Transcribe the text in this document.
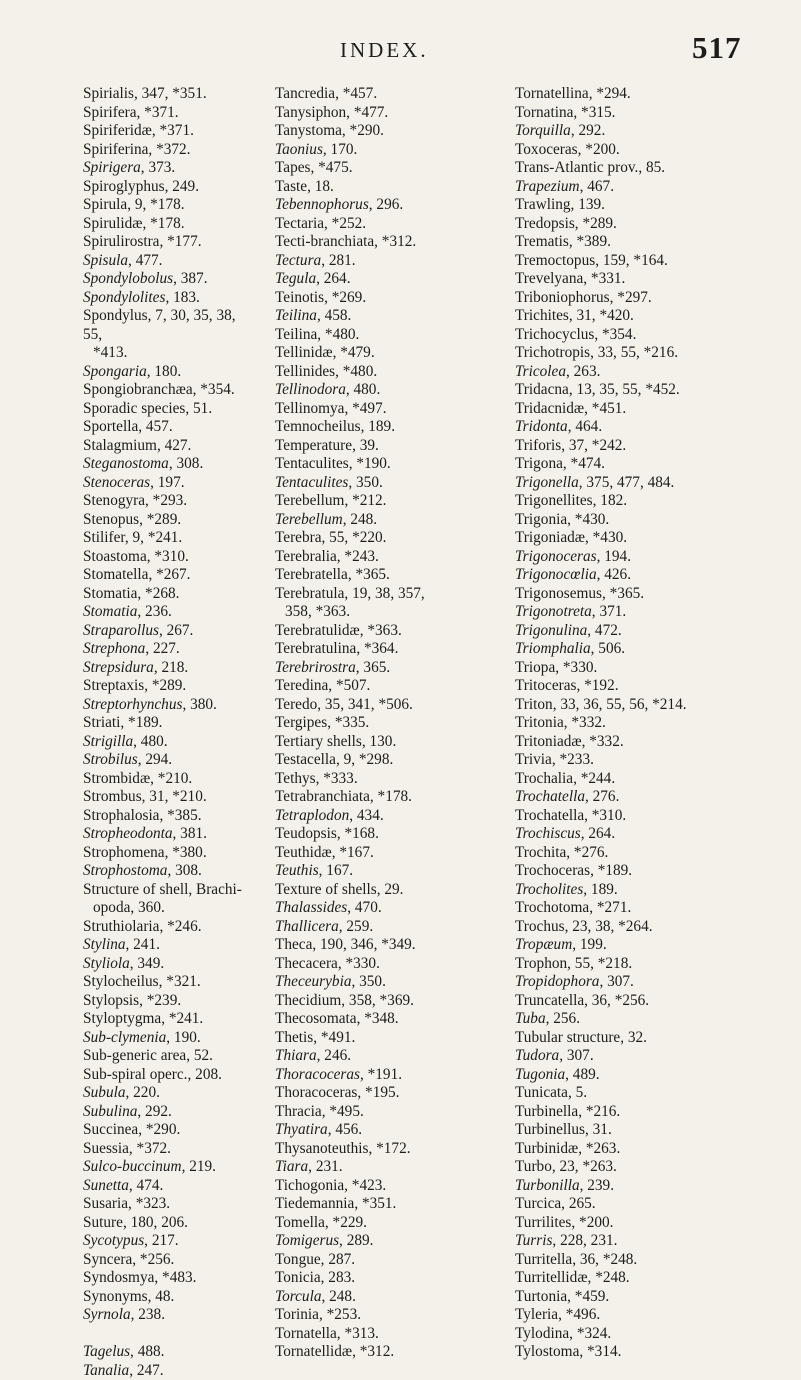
INDEX.	517
Spirialis, 347, *351.
Spirifera, *371.
Spiriferidæ, *371.
Spiriferina, *372.
Spirigera, 373.
Spiroglyphus, 249.
Spirula, 9, *178.
Spirulidæ, *178.
Spirulirostra, *177.
Spisula, 477.
Spondylobolus, 387.
Spondylolites, 183.
Spondylus, 7, 30, 35, 38, 55,
*413.
Spongaria, 180.
Spongiobranchæa, *354.
Sporadic species, 51.
Sportella, 457.
Stalagmium, 427.
Steganostoma, 308.
Stenoceras, 197.
Stenogyra, *293.
Stenopus, *289.
Stilifer, 9, *241.
Stoastoma, *310.
Stomatella, *267.
Stomatia, *268.
Stomatia, 236.
Straparollus, 267.
Strephona, 227.
Strepsidura, 218.
Streptaxis, *289.
Streptorhynchus, 380.
Striati, *189.
Strigilla, 480.
Strobilus, 294.
Strombidæ, *210.
Strombus, 31, *210.
Strophalosia, *385.
Stropheodonta, 381.
Strophomena, *380.
Strophostoma, 308.
Structure of shell, Brachi-
opoda, 360.
Struthiolaria, *246.
Stylina, 241.
Styliola, 349.
Stylocheilus, *321.
Stylopsis, *239.
Styloptygma, *241.
Sub-clymenia, 190.
Sub-generic area, 52.
Sub-spiral operc., 208.
Subula, 220.
Subulina, 292.
Succinea, *290.
Suessia, *372.
Sulco-buccinum, 219.
Sunetta, 474.
Susaria, *323.
Suture, 180, 206.
Sycotypus, 217.
Syncera, *256.
Syndosmya, *483.
Synonyms, 48.
Syrnola, 238.
Tagelus, 488.
Tanalia, 247.
Tancredia, *457.
Tanysiphon, *477.
Tanystoma, *290.
Taonius, 170.
Tapes, *475.
Taste, 18.
Tebennophorus, 296.
Tectaria, *252.
Tecti-branchiata, *312.
Tectura, 281.
Tegula, 264.
Teinotis, *269.
Teilina, 458.
Teilina, *480.
Tellinidæ, *479.
Tellinides, *480.
Tellinodora, 480.
Tellinomya, *497.
Temnocheilus, 189.
Temperature, 39.
Tentaculites, *190.
Tentaculites, 350.
Terebellum, *212.
Terebellum, 248.
Terebra, 55, *220.
Terebralia, *243.
Terebratella, *365.
Terebratula, 19, 38, 357,
358, *363.
Terebratulidæ, *363.
Terebratulina, *364.
Terebrirostra, 365.
Teredina, *507.
Teredo, 35, 341, *506.
Tergipes, *335.
Tertiary shells, 130.
Testacella, 9, *298.
Tethys, *333.
Tetrabranchiata, *178.
Tetraplodon, 434.
Teudopsis, *168.
Teuthidæ, *167.
Teuthis, 167.
Texture of shells, 29.
Thalassides, 470.
Thallicera, 259.
Theca, 190, 346, *349.
Thecacera, *330.
Theceurybia, 350.
Thecidium, 358, *369.
Thecosomata, *348.
Thetis, *491.
Thiara, 246.
Thoracoceras, *191.
Thoracoceras, *195.
Thracia, *495.
Thyatira, 456.
Thysanoteuthis, *172.
Tiara, 231.
Tichogonia, *423.
Tiedemannia, *351.
Tomella, *229.
Tomigerus, 289.
Tongue, 287.
Tonicia, 283.
Torcula, 248.
Torinia, *253.
Tornatella, *313.
Tornatellidæ, *312.
Tornatellina, *294.
Tornatina, *315.
Torquilla, 292.
Toxoceras, *200.
Trans-Atlantic prov., 85.
Trapezium, 467.
Trawling, 139.
Tredopsis, *289.
Trematis, *389.
Tremoctopus, 159, *164.
Trevelyana, *331.
Triboniophorus, *297.
Trichites, 31, *420.
Trichocyclus, *354.
Trichotropis, 33, 55, *216.
Tricolea, 263.
Tridacna, 13, 35, 55, *452.
Tridacnidæ, *451.
Tridonta, 464.
Triforis, 37, *242.
Trigona, *474.
Trigonella, 375, 477, 484.
Trigonellites, 182.
Trigonia, *430.
Trigoniadæ, *430.
Trigonoceras, 194.
Trigonocœlia, 426.
Trigonosemus, *365.
Trigonotreta, 371.
Trigonulina, 472.
Triomphalia, 506.
Triopa, *330.
Tritoceras, *192.
Triton, 33, 36, 55, 56, *214.
Tritonia, *332.
Tritoniadæ, *332.
Trivia, *233.
Trochalia, *244.
Trochatella, 276.
Trochatella, *310.
Trochiscus, 264.
Trochita, *276.
Trochoceras, *189.
Trocholites, 189.
Trochotoma, *271.
Trochus, 23, 38, *264.
Tropæum, 199.
Trophon, 55, *218.
Tropidophora, 307.
Truncatella, 36, *256.
Tuba, 256.
Tubular structure, 32.
Tudora, 307.
Tugonia, 489.
Tunicata, 5.
Turbinella, *216.
Turbinellus, 31.
Turbinidæ, *263.
Turbo, 23, *263.
Turbonilla, 239.
Turcica, 265.
Turrilites, *200.
Turris, 228, 231.
Turritella, 36, *248.
Turritellidæ, *248.
Turtonia, *459.
Tyleria, *496.
Tylodina, *324.
Tylostoma, *314.
